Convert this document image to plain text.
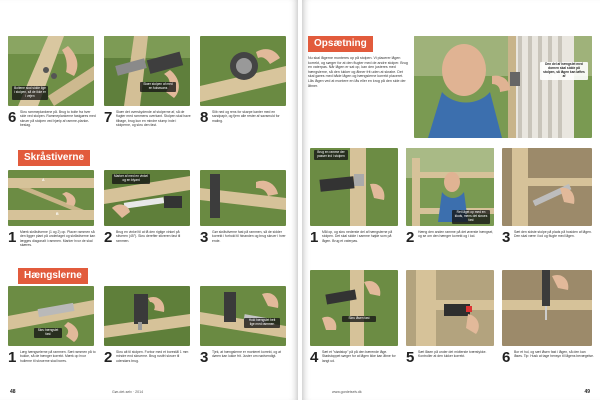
Boltene skal sidde lige i stolpen, så de ikke er i vejen
Skær stolpen af med en fukssvans
6 Skru rammeplankene på. Brug to bolte fra hver side ved stolpen. Rammeplankerne fastgøres med skruer på stolpen ved hjælp af ramme-planke-beslag.	7 Skær det overskydende af stolperne af, så de flugter med rammens overkant. Stolpen skal have tilbage, brug kun en mindre stump inde i stolperne, og skru den fast.	8 Slib ned og rens for skarpe kanter med en sandpapir, og fjern alle rester af savsmuld for maling.
Skråstiverne
A
B
Marker af med en vinkel og en blyant
1 Mærk skråstiverne (1 og 2) op. Placer rammen så den ligger plant på underlaget og skråstiverne kan lægges diagonalt i rammen. Marker hvor de skal skæres.	2 Brug en vinkel til at få den rigtige vinkel på stiveren (45°). Skru derefter stiveren fast til rammen.	3 Gør skråstiverne fast på rammen, så de sidder korrekt i forhold til hinanden og brug skruer i hver ende.
Hængslerne
Skru hængslet fast
Hold hængslet helt lige med rammen
1 Læg hængselerne på rammen. Sæt rammen på to bukke, så de hænger korrekt. Mærk op hvor hullerne til skruerne skal bores.	2 Skru alt til stolpen. Forbor med et borestål 1 mm mindre end skruerne. Brug rustfri skruer til udendørs brug.	3 Tjek, at hængslerne er monteret korrekt, og at døren kan lukke frit. Juster om nødvendigt.
48	Gør-det-selv · 2014
Opsætning
Nu skal lågerne monteres op på stolpen. Vi placerer lågen korrekt, og sørger for at den flugter med de andre stolper. Brug en vaterpas. Når lågen er sat op, kan den justeres med hængslerne, så den lukker og åbner frit uden at skrabe. Det skal gøres med både lågen og hængslerne korrekt placeret. Lås lågen ved at montere en lås eller en krog på den side der åbner.
Den del af hængslet med dornen skal sidde på stolpen, så lågen kan løftes af
Brug en ramme der passer ind i stolpen
Ret låget op med en klods, mens det skrues fast
1 Mål op, og skru nederste del af hængslerne på stolpen. Det skal sidde i samme højde som på lågen. Brug et vaterpas.	2 Hæng den anden ramme på det øverste hængsel, og se om den hænger korrekt og i lod.	3 Sæt den sidste stolpe på plads på hosiden af lågen. Den skal være i lod og flugte med lågen.
Skru låsen fast
4 Sæt et "stødstop" på på den bærende låge. Stødstoppet sørger for at lågen ikke kan åbne for langt ud.	5 Sæt låsen på under det midterste tværstykke. Kontroller at den lukker korrekt.	6 Bor et hul, og sæt låsen fast i lågen, så den kan låses. Tip: Husk at tage hensyn til lågens bevægelse.
www.gordetselv.dk	49
